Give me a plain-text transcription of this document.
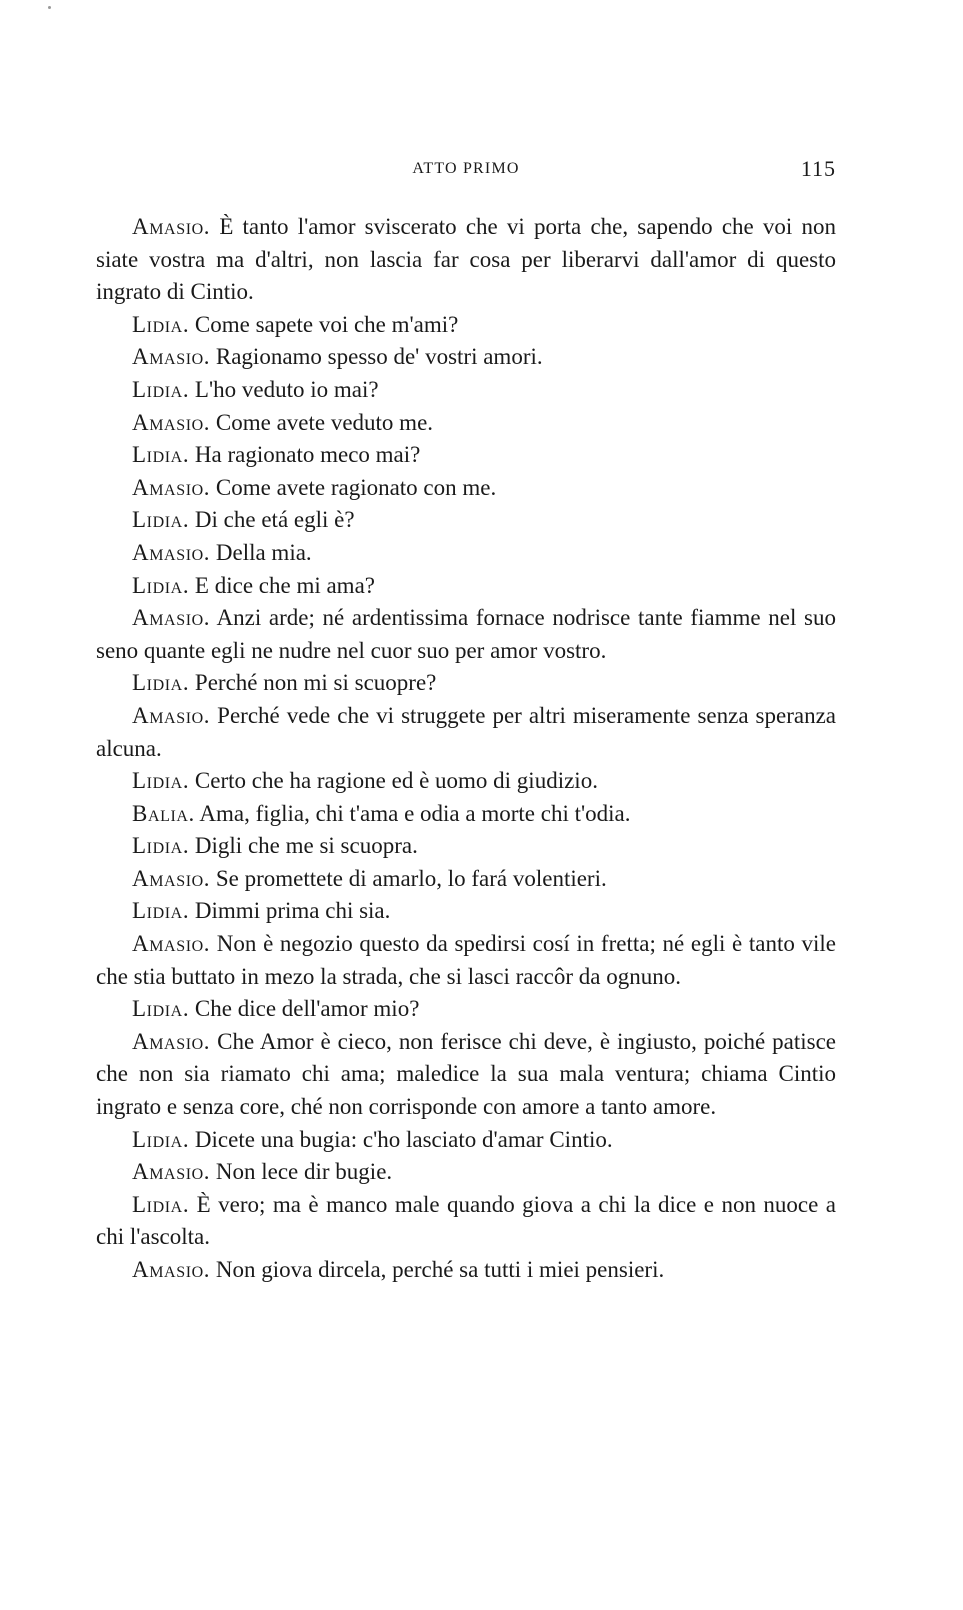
ATTO PRIMO	115

Amasio. È tanto l'amor sviscerato che vi porta che, sapendo che voi non siate vostra ma d'altri, non lascia far cosa per liberarvi dall'amor di questo ingrato di Cintio.

Lidia. Come sapete voi che m'ami?

Amasio. Ragionamo spesso de' vostri amori.

Lidia. L'ho veduto io mai?

Amasio. Come avete veduto me.

Lidia. Ha ragionato meco mai?

Amasio. Come avete ragionato con me.

Lidia. Di che etá egli è?

Amasio. Della mia.

Lidia. E dice che mi ama?

Amasio. Anzi arde; né ardentissima fornace nodrisce tante fiamme nel suo seno quante egli ne nudre nel cuor suo per amor vostro.

Lidia. Perché non mi si scuopre?

Amasio. Perché vede che vi struggete per altri miseramente senza speranza alcuna.

Lidia. Certo che ha ragione ed è uomo di giudizio.

Balia. Ama, figlia, chi t'ama e odia a morte chi t'odia.

Lidia. Digli che me si scuopra.

Amasio. Se promettete di amarlo, lo fará volentieri.

Lidia. Dimmi prima chi sia.

Amasio. Non è negozio questo da spedirsi cosí in fretta; né egli è tanto vile che stia buttato in mezo la strada, che si lasci raccôr da ognuno.

Lidia. Che dice dell'amor mio?

Amasio. Che Amor è cieco, non ferisce chi deve, è ingiusto, poiché patisce che non sia riamato chi ama; maledice la sua mala ventura; chiama Cintio ingrato e senza core, ché non corrisponde con amore a tanto amore.

Lidia. Dicete una bugia: c'ho lasciato d'amar Cintio.

Amasio. Non lece dir bugie.

Lidia. È vero; ma è manco male quando giova a chi la dice e non nuoce a chi l'ascolta.

Amasio. Non giova dircela, perché sa tutti i miei pensieri.
